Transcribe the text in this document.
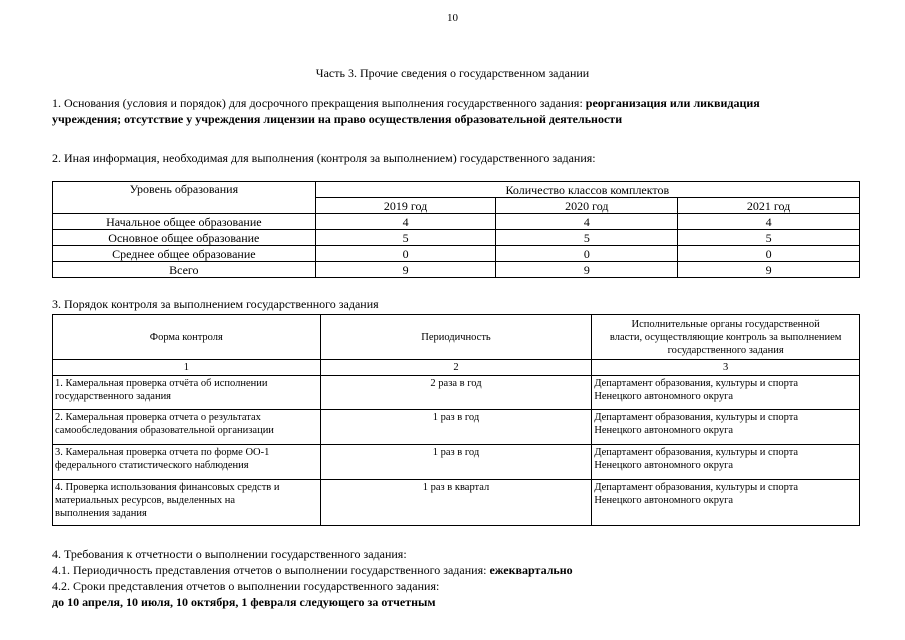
10
Часть 3. Прочие сведения о государственном задании
1. Основания (условия и порядок) для досрочного прекращения выполнения государственного задания: реорганизация или ликвидация
учреждения; отсутствие у учреждения лицензии на право осуществления образовательной деятельности
2. Иная информация, необходимая для выполнения (контроля за выполнением) государственного задания:
Уровень образования	Количество классов комплектов		
	2019 год	2020 год	2021 год
Начальное общее образование	4	4	4
Основное общее образование	5	5	5
Среднее общее образование	0	0	0
Всего	9	9	9
3. Порядок контроля за выполнением государственного задания
Форма контроля	Периодичность	Исполнительные органы государственной
власти, осуществляющие контроль за выполнением
государственного задания

1	2	3

1. Камеральная проверка отчёта об исполнении
государственного задания	2 раза в год	Департамент образования, культуры и спорта
Ненецкого автономного округа

2. Камеральная проверка отчета о результатах
самообследования образовательной организации	1 раз в год	Департамент образования, культуры и спорта
Ненецкого автономного округа

3. Камеральная проверка отчета по форме ОО-1
федерального статистического наблюдения	1 раз в год	Департамент образования, культуры и спорта
Ненецкого автономного округа

4. Проверка использования финансовых средств и
материальных ресурсов, выделенных на
выполнения задания	1 раз в квартал	Департамент образования, культуры и спорта
Ненецкого автономного округа
4. Требования к отчетности о выполнении государственного задания:
4.1. Периодичность представления отчетов о выполнении государственного задания: ежеквартально
4.2. Сроки представления отчетов о выполнении государственного задания:
до 10 апреля, 10 июля, 10 октября, 1 февраля следующего за отчетным
